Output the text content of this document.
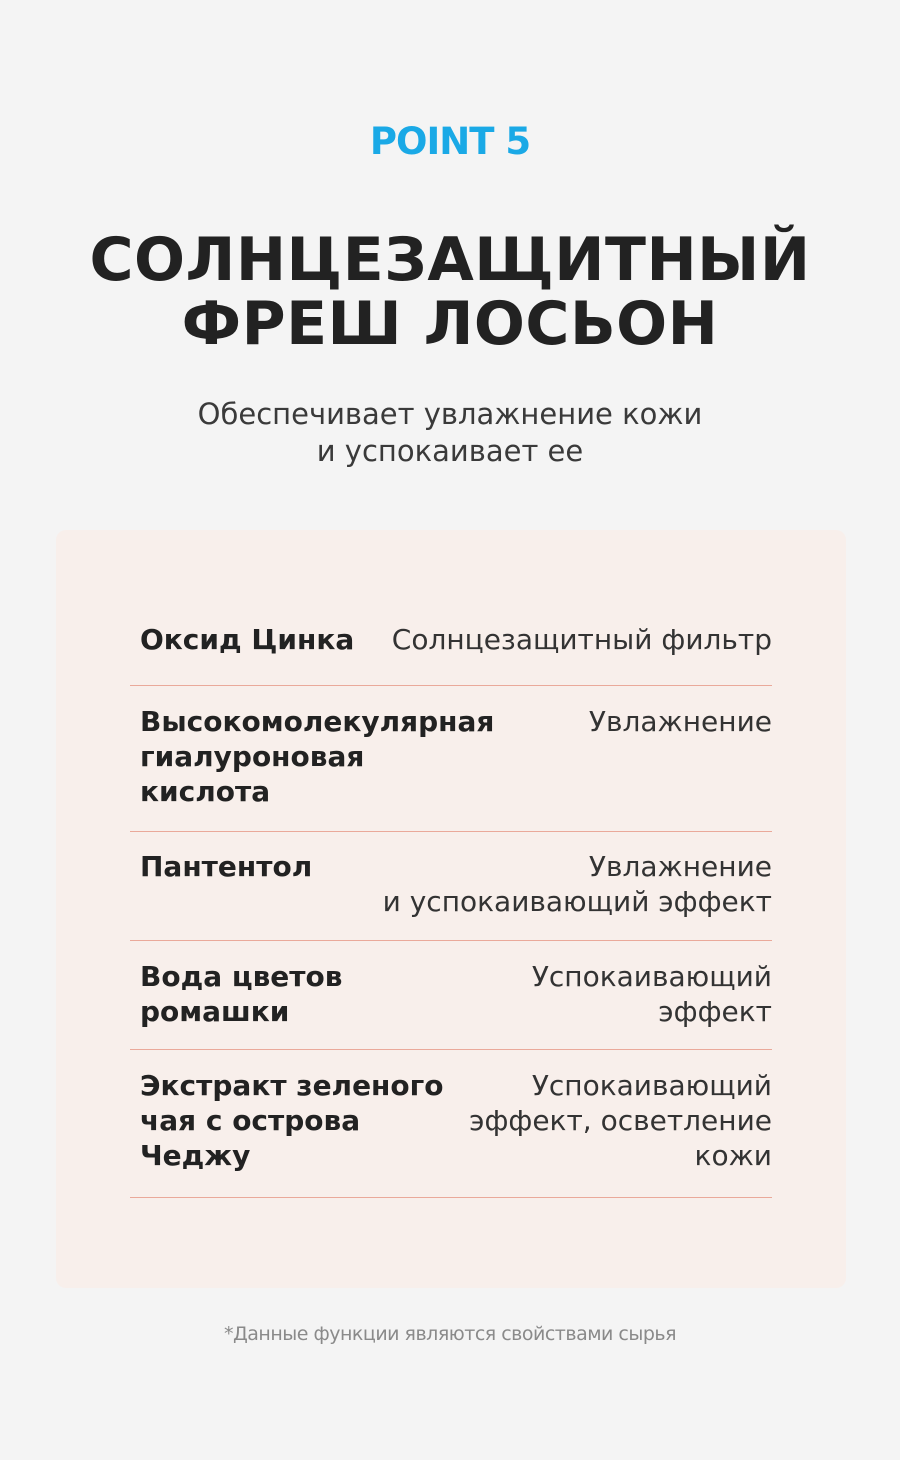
POINT 5
СОЛНЦЕЗАЩИТНЫЙ
ФРЕШ ЛОСЬОН
Обеспечивает увлажнение кожи
и успокаивает ее
Оксид Цинка Солнцезащитный фильтр
Высокомолекулярная
гиалуроновая
кислота
Увлажнение
Пантентол	Увлажнение
и успокаивающий эффект
Вода цветов
ромашки
Успокаивающий
эффект
Экстракт зеленого
чая с острова
Чеджу
Успокаивающий
эффект, осветление
кожи
*Данные функции являются свойствами сырья
